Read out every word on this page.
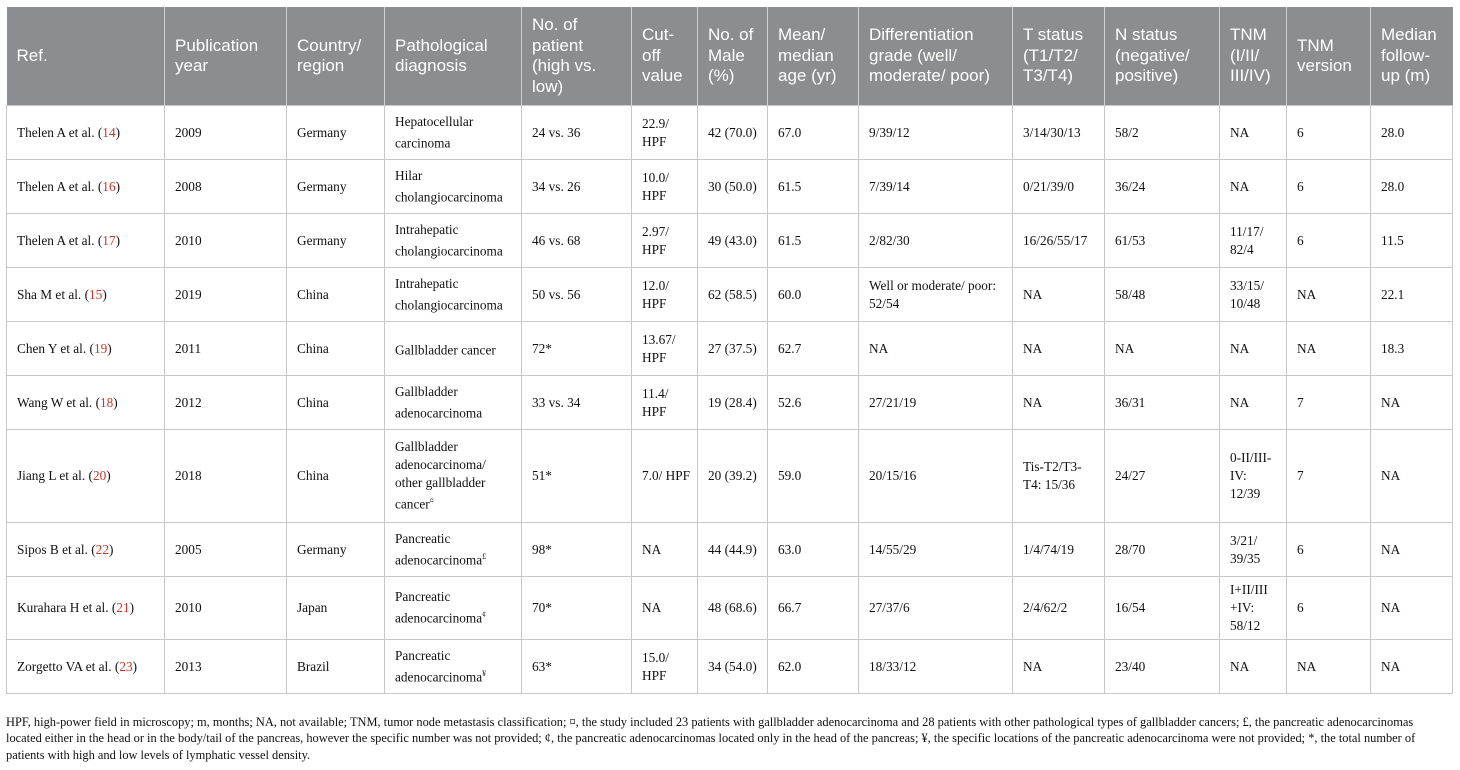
Ref.	Publication year	Country/ region	Pathological diagnosis	No. of patient (high vs. low)	Cut-off value	No. of Male (%)	Mean/ median age (yr)	Differentiation grade (well/ moderate/ poor)	T status (T1/T2/ T3/T4)	N status (negative/ positive)	TNM (I/II/ III/IV)	TNM version	Median follow-up (m)
Thelen A et al. (14)	2009	Germany	Hepatocellular carcinoma	24 vs. 36	22.9/ HPF	42 (70.0)	67.0	9/39/12	3/14/30/13	58/2	NA	6	28.0
Thelen A et al. (16)	2008	Germany	Hilar cholangiocarcinoma	34 vs. 26	10.0/ HPF	30 (50.0)	61.5	7/39/14	0/21/39/0	36/24	NA	6	28.0
Thelen A et al. (17)	2010	Germany	Intrahepatic cholangiocarcinoma	46 vs. 68	2.97/ HPF	49 (43.0)	61.5	2/82/30	16/26/55/17	61/53	11/17/ 82/4	6	11.5
Sha M et al. (15)	2019	China	Intrahepatic cholangiocarcinoma	50 vs. 56	12.0/ HPF	62 (58.5)	60.0	Well or moderate/ poor: 52/54	NA	58/48	33/15/ 10/48	NA	22.1
Chen Y et al. (19)	2011	China	Gallbladder cancer	72*	13.67/ HPF	27 (37.5)	62.7	NA	NA	NA	NA	NA	18.3
Wang W et al. (18)	2012	China	Gallbladder adenocarcinoma	33 vs. 34	11.4/ HPF	19 (28.4)	52.6	27/21/19	NA	36/31	NA	7	NA
Jiang L et al. (20)	2018	China	Gallbladder adenocarcinoma/ other gallbladder cancer¤	51*	7.0/ HPF	20 (39.2)	59.0	20/15/16	Tis-T2/T3-T4: 15/36	24/27	0-II/III-IV: 12/39	7	NA
Sipos B et al. (22)	2005	Germany	Pancreatic adenocarcinoma£	98*	NA	44 (44.9)	63.0	14/55/29	1/4/74/19	28/70	3/21/ 39/35	6	NA
Kurahara H et al. (21)	2010	Japan	Pancreatic adenocarcinoma¢	70*	NA	48 (68.6)	66.7	27/37/6	2/4/62/2	16/54	I+II/III +IV: 58/12	6	NA
Zorgetto VA et al. (23)	2013	Brazil	Pancreatic adenocarcinoma¥	63*	15.0/ HPF	34 (54.0)	62.0	18/33/12	NA	23/40	NA	NA	NA
HPF, high-power field in microscopy; m, months; NA, not available; TNM, tumor node metastasis classification; ¤, the study included 23 patients with gallbladder adenocarcinoma and 28 patients with other pathological types of gallbladder cancers; £, the pancreatic adenocarcinomas located either in the head or in the body/tail of the pancreas, however the specific number was not provided; ¢, the pancreatic adenocarcinomas located only in the head of the pancreas; ¥, the specific locations of the pancreatic adenocarcinoma were not provided; *, the total number of patients with high and low levels of lymphatic vessel density.
